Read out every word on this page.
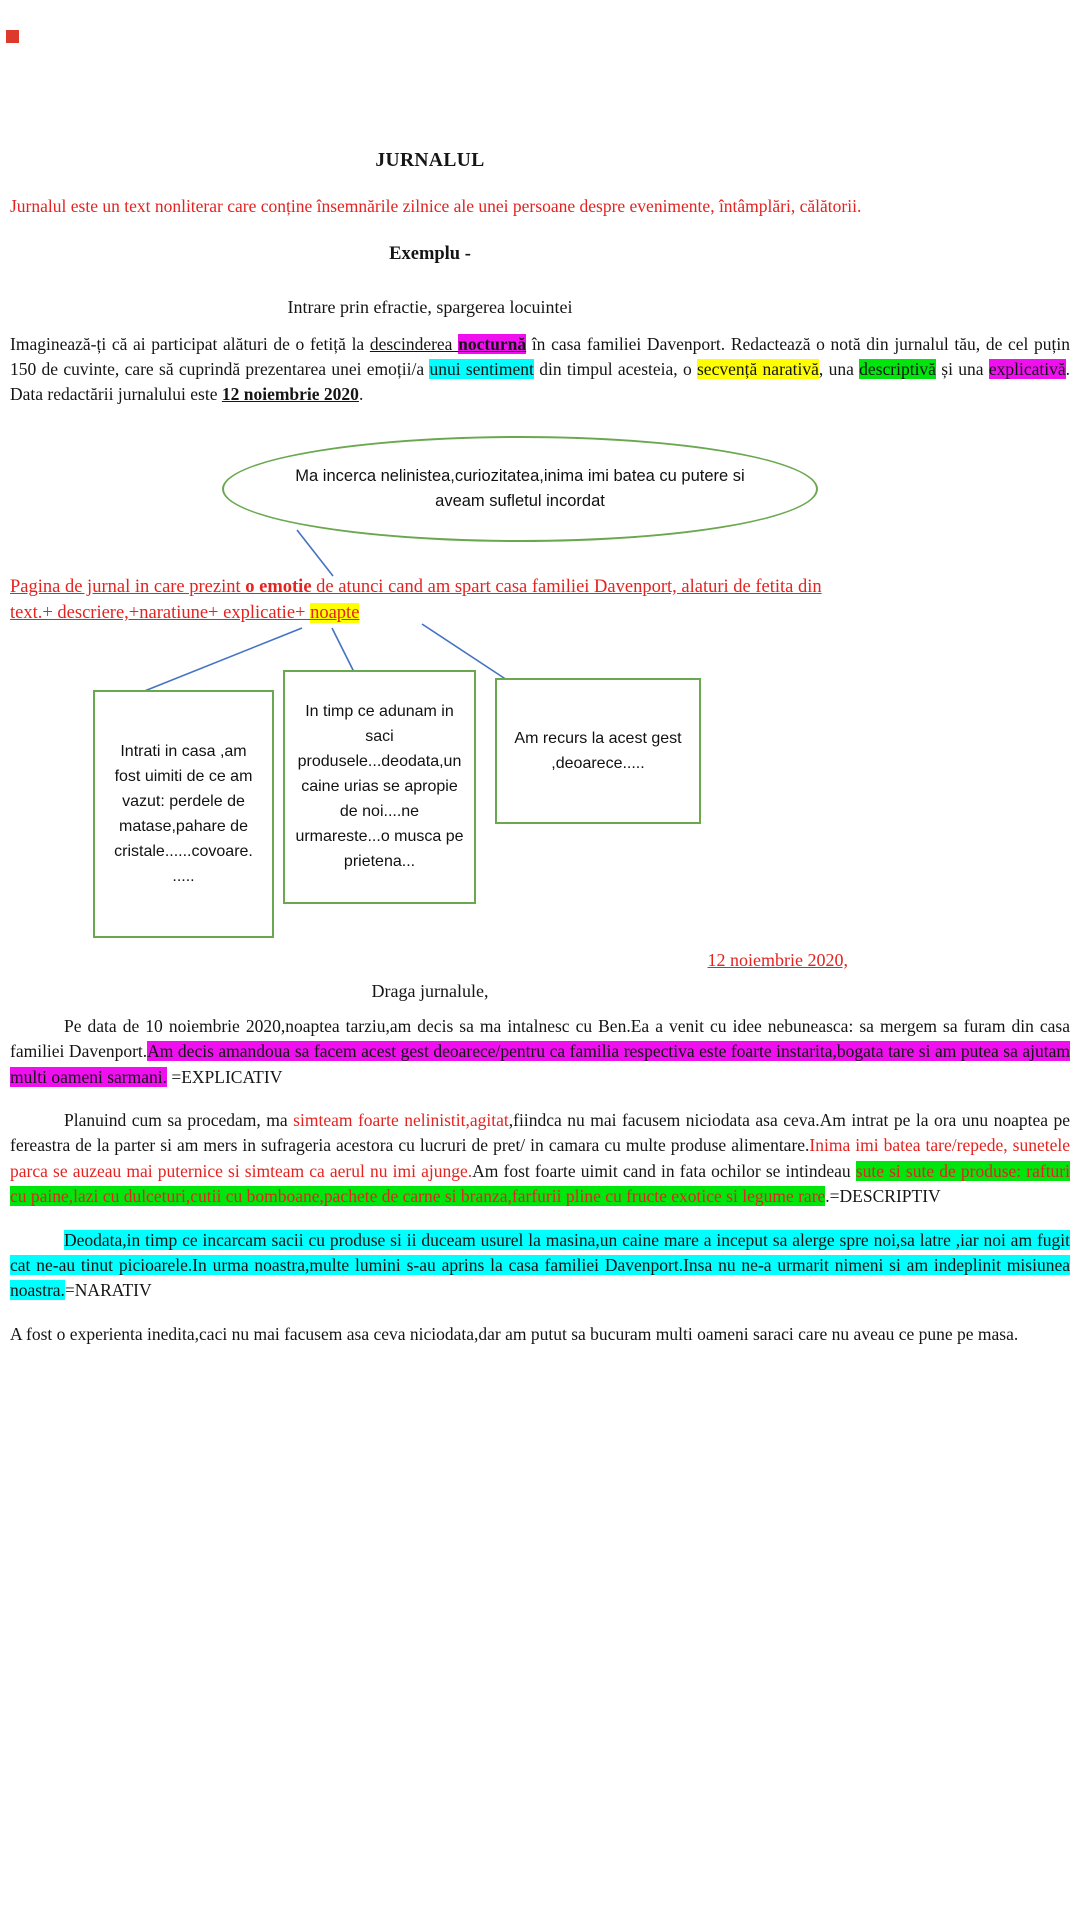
JURNALUL

Jurnalul este un text nonliterar care conține însemnările zilnice ale unei persoane despre evenimente, întâmplări, călătorii.

Exemplu -
Intrare prin efractie, spargerea locuintei

Imaginează-ți că ai participat alături de o fetiță la descinderea nocturnă în casa familiei Davenport. Redactează o notă din jurnalul tău, de cel puțin 150 de cuvinte, care să cuprindă prezentarea unei emoții/a unui sentiment din timpul acesteia, o secvență narativă, una descriptivă și una explicativă. Data redactării jurnalului este 12 noiembrie 2020.

Ma incerca nelinistea,curiozitatea,inima imi batea cu putere si aveam sufletul incordat
Pagina de jurnal in care prezint o emotie de atunci cand am spart casa familiei Davenport, alaturi de fetita din text.+ descriere,+naratiune+ explicatie+ noapte
Intrati in casa ,am fost uimiti de ce am vazut: perdele de matase,pahare de cristale......covoare. .....
In timp ce adunam in saci produsele...deodata,un caine urias se apropie de noi....ne urmareste...o musca pe prietena...
Am recurs la acest gest ,deoarece.....
12 noiembrie 2020,
Draga jurnalule,

Pe data de 10 noiembrie 2020,noaptea tarziu,am decis sa ma intalnesc cu Ben.Ea a venit cu idee nebuneasca: sa mergem sa furam din casa familiei Davenport.Am decis amandoua sa facem acest gest deoarece/pentru ca familia respectiva este foarte instarita,bogata tare si am putea sa ajutam multi oameni sarmani. =EXPLICATIV

Planuind cum sa procedam, ma simteam foarte nelinistit,agitat,fiindca nu mai facusem niciodata asa ceva.Am intrat pe la ora unu noaptea pe fereastra de la parter si am mers in sufrageria acestora cu lucruri de pret/ in camara cu multe produse alimentare.Inima imi batea tare/repede, sunetele parca se auzeau mai puternice si simteam ca aerul nu imi ajunge.Am fost foarte uimit cand in fata ochilor se intindeau sute si sute de produse: rafturi cu paine,lazi cu dulceturi,cutii cu bomboane,pachete de carne si branza,farfurii pline cu fructe exotice si legume rare.=DESCRIPTIV

Deodata,in timp ce incarcam sacii cu produse si ii duceam usurel la masina,un caine mare a inceput sa alerge spre noi,sa latre ,iar noi am fugit cat ne-au tinut picioarele.In urma noastra,multe lumini s-au aprins la casa familiei Davenport.Insa nu ne-a urmarit nimeni si am indeplinit misiunea noastra.=NARATIV

A fost o experienta inedita,caci nu mai facusem asa ceva niciodata,dar am putut sa bucuram multi oameni saraci care nu aveau ce pune pe masa.
